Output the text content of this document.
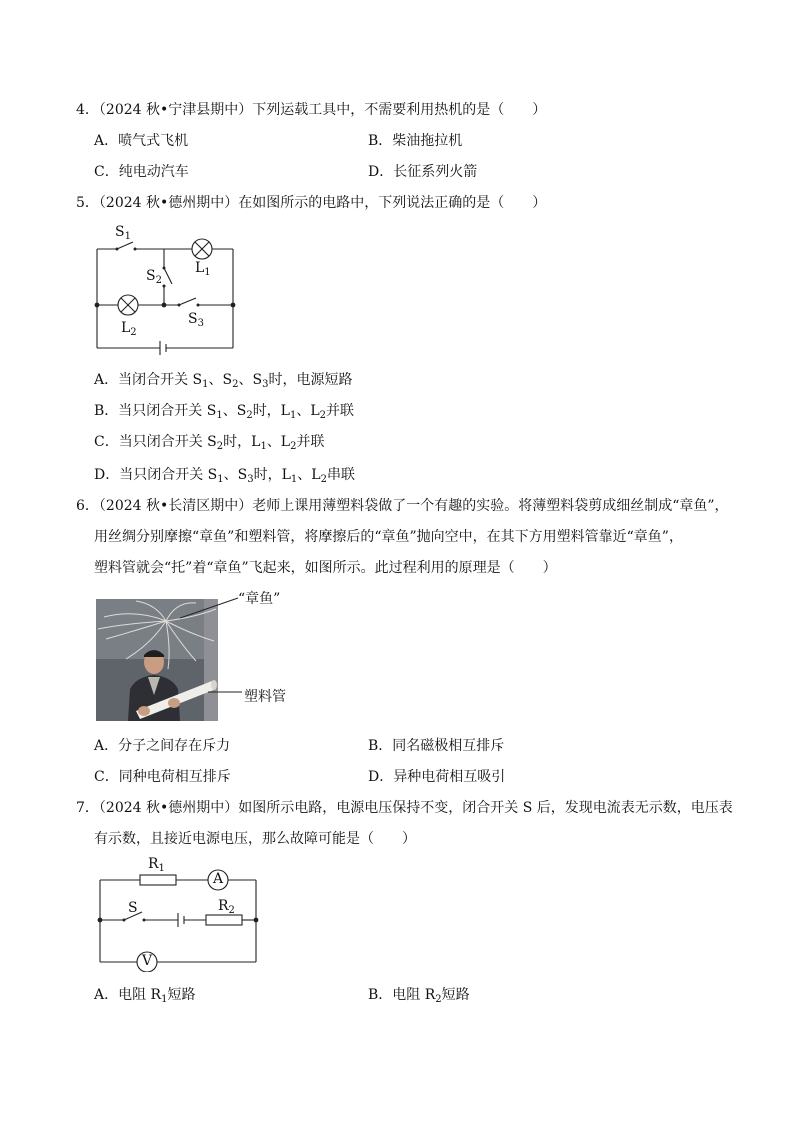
4．（2024 秋•宁津县期中）下列运载工具中，不需要利用热机的是（　　）
A．喷气式飞机	B．柴油拖拉机
C．纯电动汽车	D．长征系列火箭
5．（2024 秋•德州期中）在如图所示的电路中，下列说法正确的是（　　）
$S_1$
$L_1$
$S_2$
$L_2$
$S_3$
A．当闭合开关 $S_1$、$S_2$、$S_3$时，电源短路
B．当只闭合开关 $S_1$、$S_2$时，$L_1$、$L_2$并联
C．当只闭合开关 $S_2$时，$L_1$、$L_2$并联
D．当只闭合开关 $S_1$、$S_3$时，$L_1$、$L_2$串联
6．（2024 秋•长清区期中）老师上课用薄塑料袋做了一个有趣的实验。将薄塑料袋剪成细丝制成“章鱼”，
用丝绸分别摩擦“章鱼”和塑料管，将摩擦后的“章鱼”抛向空中，在其下方用塑料管靠近“章鱼”，
塑料管就会“托”着“章鱼”飞起来，如图所示。此过程利用的原理是（　　）
“章鱼”
塑料管
A．分子之间存在斥力	B．同名磁极相互排斥
C．同种电荷相互排斥	D．异种电荷相互吸引
7．（2024 秋•德州期中）如图所示电路，电源电压保持不变，闭合开关 S 后，发现电流表无示数，电压表
有示数，且接近电源电压，那么故障可能是（　　）
$R_1$
A
S	$R_2$
V
A．电阻 $R_1$短路	B．电阻 $R_2$短路
